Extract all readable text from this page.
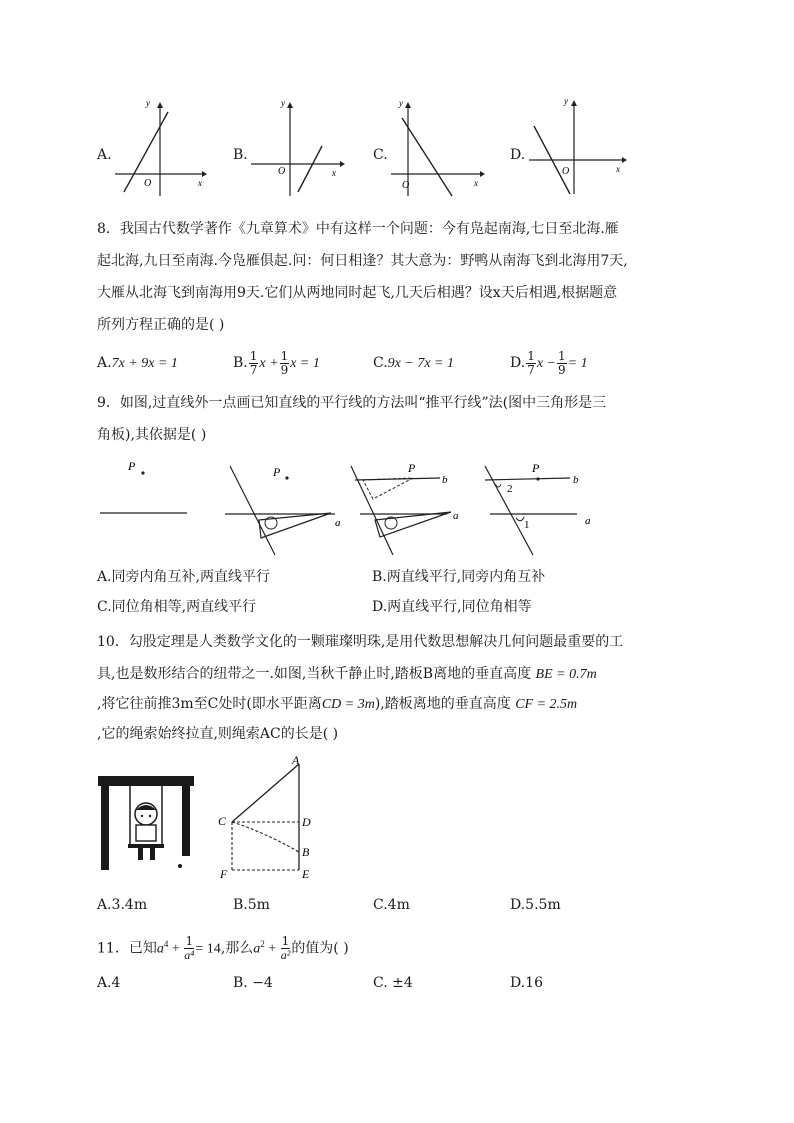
A.	B.	C.	D.
y
x
O
y
x
O
y
x
O
y
x
O
8．我国古代数学著作《九章算术》中有这样一个问题：今有凫起南海,七日至北海.雁
起北海,九日至南海.今凫雁俱起.问：何日相逢？其大意为：野鸭从南海飞到北海用7天,
大雁从北海飞到南海用9天.它们从两地同时起飞,几天后相遇？设x天后相遇,根据题意
所列方程正确的是( )
A.7x + 9x = 1	B. $\frac{1}{7}$ $x + \frac{1}{9}$ x = 1	C.9x − 7x = 1	D. $\frac{1}{7}$ $x - \frac{1}{9} = 1$
9．如图,过直线外一点画已知直线的平行线的方法叫“推平行线”法(图中三角形是三
角板),其依据是( )
P	P
a
P
b
a
P
b
2
1	a
A.同旁内角互补,两直线平行	B.两直线平行,同旁内角互补
C.同位角相等,两直线平行	D.两直线平行,同位角相等
10．勾股定理是人类数学文化的一颗璀璨明珠,是用代数思想解决几何问题最重要的工
具,也是数形结合的纽带之一.如图,当秋千静止时,踏板B离地的垂直高度 BE = 0.7m
,将它往前推3m至C处时(即水平距离CD = 3m),踏板离地的垂直高度 CF = 2.5m
,它的绳索始终拉直,则绳索AC的长是( )
A
C	D
B
E
F
A.3.4m	B.5m	C.4m	D.5.5m
11．已知$a^4 + \frac{1}{\text{a⁴}} = 14$,那么$a^2 + \frac{1}{\text{a²}}$ 的值为( )
A.4	B. −4	C. ±4	D.16
